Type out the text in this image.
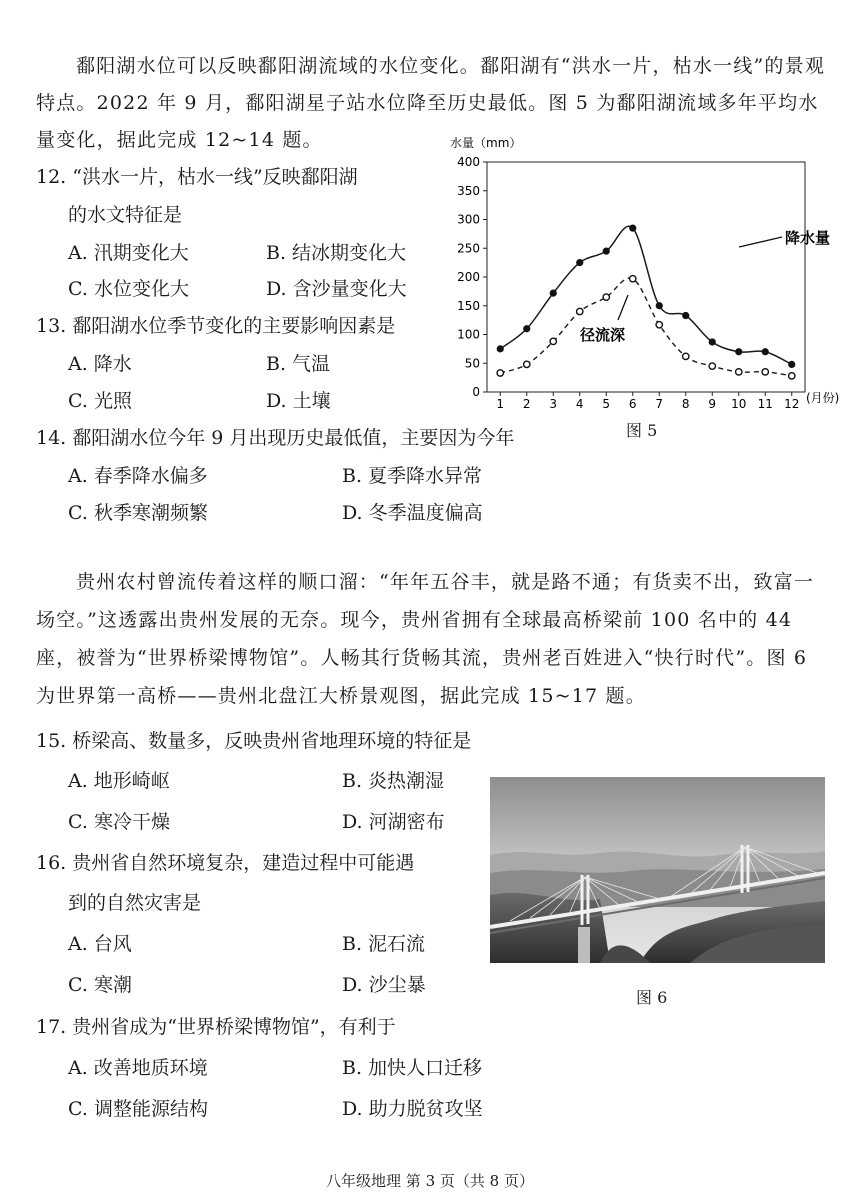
鄱阳湖水位可以反映鄱阳湖流域的水位变化。鄱阳湖有“洪水一片，枯水一线”的景观特点。2022 年 9 月，鄱阳湖星子站水位降至历史最低。图 5 为鄱阳湖流域多年平均水量变化，据此完成 12~14 题。

12. “洪水一片，枯水一线”反映鄱阳湖
的水文特征是
A. 汛期变化大	B. 结冰期变化大
C. 水位变化大	D. 含沙量变化大
13. 鄱阳湖水位季节变化的主要影响因素是
A. 降水	B. 气温
C. 光照	D. 土壤
水量（mm）
0
50
100
150
200
250
300
350
400
1 2 3 4 5 6 7 8 9 10 11 12
降水量
径流深
(月份)
图 5
14. 鄱阳湖水位今年 9 月出现历史最低值，主要因为今年
A. 春季降水偏多	B. 夏季降水异常
C. 秋季寒潮频繁	D. 冬季温度偏高

贵州农村曾流传着这样的顺口溜：“年年五谷丰，就是路不通；有货卖不出，致富一场空。”这透露出贵州发展的无奈。现今，贵州省拥有全球最高桥梁前 100 名中的 44 座，被誉为“世界桥梁博物馆”。人畅其行货畅其流，贵州老百姓进入“快行时代”。图 6 为世界第一高桥——贵州北盘江大桥景观图，据此完成 15~17 题。

15. 桥梁高、数量多，反映贵州省地理环境的特征是
A. 地形崎岖	B. 炎热潮湿
C. 寒冷干燥	D. 河湖密布
16. 贵州省自然环境复杂，建造过程中可能遇
到的自然灾害是
A. 台风	B. 泥石流
C. 寒潮	D. 沙尘暴
图 6
17. 贵州省成为“世界桥梁博物馆”，有利于
A. 改善地质环境	B. 加快人口迁移
C. 调整能源结构	D. 助力脱贫攻坚
八年级地理 第 3 页（共 8 页）
